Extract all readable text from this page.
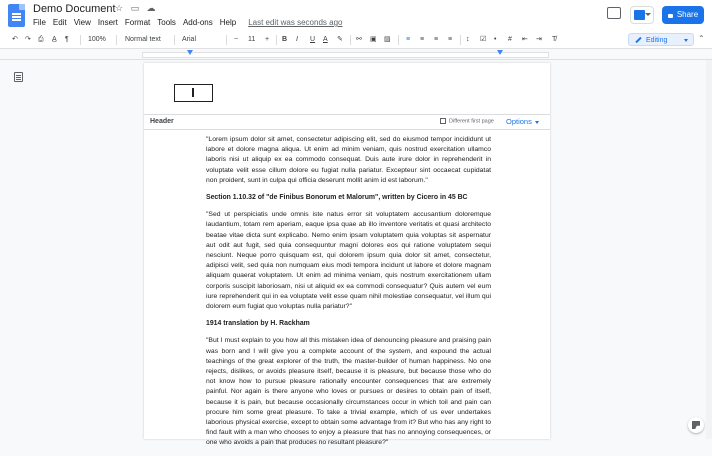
Demo Document ☆ ▭ ☁
File Edit View Insert Format Tools Add-ons Help Last edit was seconds ago
Share
↶ ↷ ⎙ A̲ ¶	100%	Normal text	Arial	− 11 + B I U A ✎ ⚯ ▣ ▨ ≡ ≡ ≡ ≡ ↕ ☑ • # ⇤ ⇥ T̸	Editing	⌃
Header	Different first page Options

"Lorem ipsum dolor sit amet, consectetur adipiscing elit, sed do eiusmod tempor incididunt ut labore et dolore magna aliqua. Ut enim ad minim veniam, quis nostrud exercitation ullamco laboris nisi ut aliquip ex ea commodo consequat. Duis aute irure dolor in reprehenderit in voluptate velit esse cillum dolore eu fugiat nulla pariatur. Excepteur sint occaecat cupidatat non proident, sunt in culpa qui officia deserunt mollit anim id est laborum."

Section 1.10.32 of "de Finibus Bonorum et Malorum", written by Cicero in 45 BC

"Sed ut perspiciatis unde omnis iste natus error sit voluptatem accusantium doloremque laudantium, totam rem aperiam, eaque ipsa quae ab illo inventore veritatis et quasi architecto beatae vitae dicta sunt explicabo. Nemo enim ipsam voluptatem quia voluptas sit aspernatur aut odit aut fugit, sed quia consequuntur magni dolores eos qui ratione voluptatem sequi nesciunt. Neque porro quisquam est, qui dolorem ipsum quia dolor sit amet, consectetur, adipisci velit, sed quia non numquam eius modi tempora incidunt ut labore et dolore magnam aliquam quaerat voluptatem. Ut enim ad minima veniam, quis nostrum exercitationem ullam corporis suscipit laboriosam, nisi ut aliquid ex ea commodi consequatur? Quis autem vel eum iure reprehenderit qui in ea voluptate velit esse quam nihil molestiae consequatur, vel illum qui dolorem eum fugiat quo voluptas nulla pariatur?"

1914 translation by H. Rackham

"But I must explain to you how all this mistaken idea of denouncing pleasure and praising pain was born and I will give you a complete account of the system, and expound the actual teachings of the great explorer of the truth, the master-builder of human happiness. No one rejects, dislikes, or avoids pleasure itself, because it is pleasure, but because those who do not know how to pursue pleasure rationally encounter consequences that are extremely painful. Nor again is there anyone who loves or pursues or desires to obtain pain of itself, because it is pain, but because occasionally circumstances occur in which toil and pain can procure him some great pleasure. To take a trivial example, which of us ever undertakes laborious physical exercise, except to obtain some advantage from it? But who has any right to find fault with a man who chooses to enjoy a pleasure that has no annoying consequences, or one who avoids a pain that produces no resultant pleasure?"
